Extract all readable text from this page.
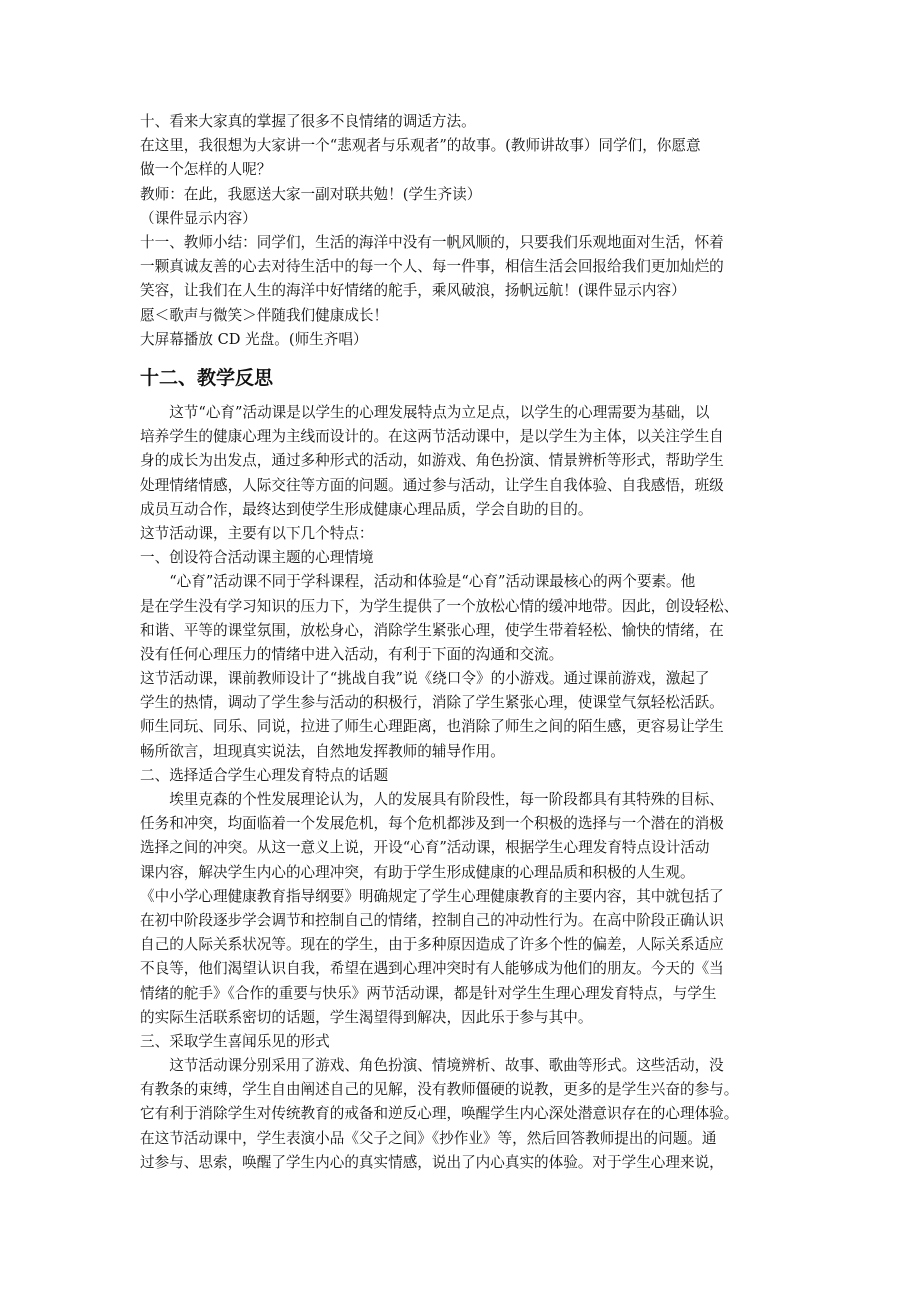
十、看来大家真的掌握了很多不良情绪的调适方法。
在这里，我很想为大家讲一个“悲观者与乐观者”的故事。(教师讲故事）同学们，你愿意
做一个怎样的人呢？
教师：在此，我愿送大家一副对联共勉！(学生齐读）
（课件显示内容）
十一、教师小结：同学们，生活的海洋中没有一帆风顺的，只要我们乐观地面对生活，怀着
一颗真诚友善的心去对待生活中的每一个人、每一件事，相信生活会回报给我们更加灿烂的
笑容，让我们在人生的海洋中好情绪的舵手，乘风破浪，扬帆远航！(课件显示内容）
愿＜歌声与微笑＞伴随我们健康成长！
大屏幕播放 CD 光盘。(师生齐唱）
十二、教学反思
　　这节“心育”活动课是以学生的心理发展特点为立足点，以学生的心理需要为基础，以
培养学生的健康心理为主线而设计的。在这两节活动课中，是以学生为主体，以关注学生自
身的成长为出发点，通过多种形式的活动，如游戏、角色扮演、情景辨析等形式，帮助学生
处理情绪情感，人际交往等方面的问题。通过参与活动，让学生自我体验、自我感悟，班级
成员互动合作，最终达到使学生形成健康心理品质，学会自助的目的。
这节活动课，主要有以下几个特点：
一、创设符合活动课主题的心理情境
　　“心育”活动课不同于学科课程，活动和体验是“心育”活动课最核心的两个要素。他
是在学生没有学习知识的压力下，为学生提供了一个放松心情的缓冲地带。因此，创设轻松、
和谐、平等的课堂氛围，放松身心，消除学生紧张心理，使学生带着轻松、愉快的情绪，在
没有任何心理压力的情绪中进入活动，有利于下面的沟通和交流。
这节活动课，课前教师设计了“挑战自我”说《绕口令》的小游戏。通过课前游戏，激起了
学生的热情，调动了学生参与活动的积极行，消除了学生紧张心理，使课堂气氛轻松活跃。
师生同玩、同乐、同说，拉进了师生心理距离，也消除了师生之间的陌生感，更容易让学生
畅所欲言，坦现真实说法，自然地发挥教师的辅导作用。
二、选择适合学生心理发育特点的话题
　　埃里克森的个性发展理论认为，人的发展具有阶段性，每一阶段都具有其特殊的目标、
任务和冲突，均面临着一个发展危机，每个危机都涉及到一个积极的选择与一个潜在的消极
选择之间的冲突。从这一意义上说，开设“心育”活动课，根据学生心理发育特点设计活动
课内容，解决学生内心的心理冲突，有助于学生形成健康的心理品质和积极的人生观。
《中小学心理健康教育指导纲要》明确规定了学生心理健康教育的主要内容，其中就包括了
在初中阶段逐步学会调节和控制自己的情绪，控制自己的冲动性行为。在高中阶段正确认识
自己的人际关系状况等。现在的学生，由于多种原因造成了许多个性的偏差，人际关系适应
不良等，他们渴望认识自我，希望在遇到心理冲突时有人能够成为他们的朋友。今天的《当
情绪的舵手》《合作的重要与快乐》两节活动课，都是针对学生生理心理发育特点，与学生
的实际生活联系密切的话题，学生渴望得到解决，因此乐于参与其中。
三、采取学生喜闻乐见的形式
　　这节活动课分别采用了游戏、角色扮演、情境辨析、故事、歌曲等形式。这些活动，没
有教条的束缚，学生自由阐述自己的见解，没有教师僵硬的说教，更多的是学生兴奋的参与。
它有利于消除学生对传统教育的戒备和逆反心理，唤醒学生内心深处潜意识存在的心理体验。
在这节活动课中，学生表演小品《父子之间》《抄作业》等，然后回答教师提出的问题。通
过参与、思索，唤醒了学生内心的真实情感，说出了内心真实的体验。对于学生心理来说，
